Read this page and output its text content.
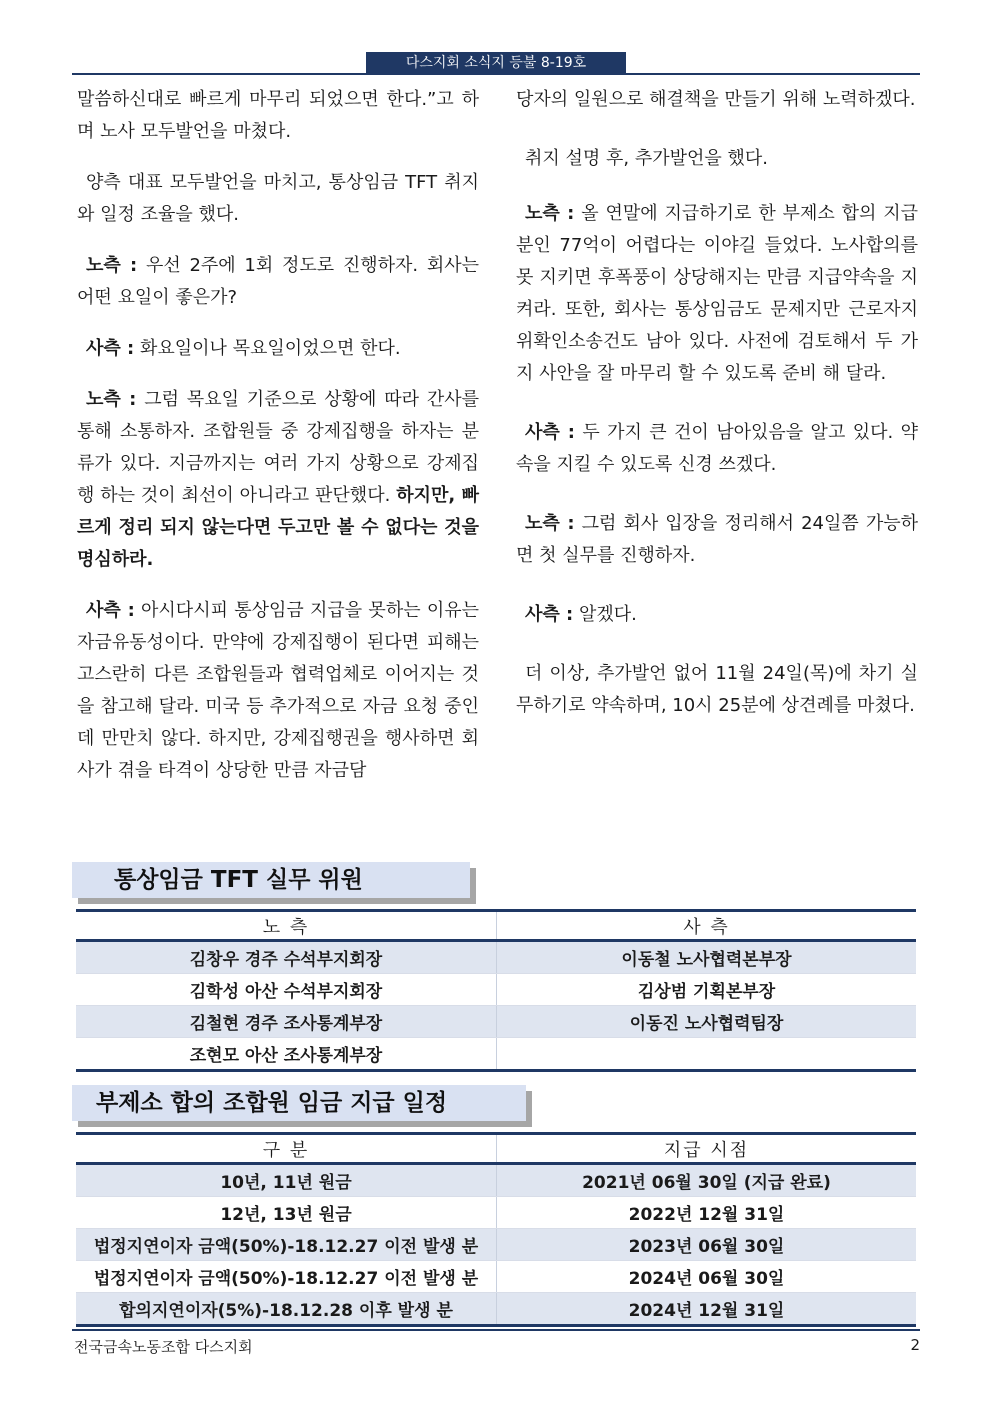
다스지회 소식지 등불 8-19호

말씀하신대로 빠르게 마무리 되었으면 한다.”고 하며 노사 모두발언을 마쳤다.

양측 대표 모두발언을 마치고, 통상임금 TFT 취지와 일정 조율을 했다.

노측 : 우선 2주에 1회 정도로 진행하자. 회사는 어떤 요일이 좋은가?

사측 : 화요일이나 목요일이었으면 한다.

노측 : 그럼 목요일 기준으로 상황에 따라 간사를 통해 소통하자. 조합원들 중 강제집행을 하자는 분류가 있다. 지금까지는 여러 가지 상황으로 강제집행 하는 것이 최선이 아니라고 판단했다. 하지만, 빠르게 정리 되지 않는다면 두고만 볼 수 없다는 것을 명심하라.

사측 : 아시다시피 통상임금 지급을 못하는 이유는 자금유동성이다. 만약에 강제집행이 된다면 피해는 고스란히 다른 조합원들과 협력업체로 이어지는 것을 참고해 달라. 미국 등 추가적으로 자금 요청 중인데 만만치 않다. 하지만, 강제집행권을 행사하면 회사가 겪을 타격이 상당한 만큼 자금담

당자의 일원으로 해결책을 만들기 위해 노력하겠다.

취지 설명 후, 추가발언을 했다.

노측 : 올 연말에 지급하기로 한 부제소 합의 지급분인 77억이 어렵다는 이야길 들었다. 노사합의를 못 지키면 후폭풍이 상당해지는 만큼 지급약속을 지켜라. 또한, 회사는 통상임금도 문제지만 근로자지위확인소송건도 남아 있다. 사전에 검토해서 두 가지 사안을 잘 마무리 할 수 있도록 준비 해 달라.

사측 : 두 가지 큰 건이 남아있음을 알고 있다. 약속을 지킬 수 있도록 신경 쓰겠다.

노측 : 그럼 회사 입장을 정리해서 24일쯤 가능하면 첫 실무를 진행하자.

사측 : 알겠다.

더 이상, 추가발언 없어 11월 24일(목)에 차기 실무하기로 약속하며, 10시 25분에 상견례를 마쳤다.

통상임금 TFT 실무 위원
노 측	사 측
김창우 경주 수석부지회장	이동철 노사협력본부장
김학성 아산 수석부지회장	김상범 기획본부장
김철현 경주 조사통계부장	이동진 노사협력팀장
조현모 아산 조사통계부장	
부제소 합의 조합원 임금 지급 일정
구 분	지급 시점
10년, 11년 원금	2021년 06월 30일 (지급 완료)
12년, 13년 원금	2022년 12월 31일
법정지연이자 금액(50%)-18.12.27 이전 발생 분	2023년 06월 30일
법정지연이자 금액(50%)-18.12.27 이전 발생 분	2024년 06월 30일
합의지연이자(5%)-18.12.28 이후 발생 분	2024년 12월 31일
전국금속노동조합 다스지회	2
